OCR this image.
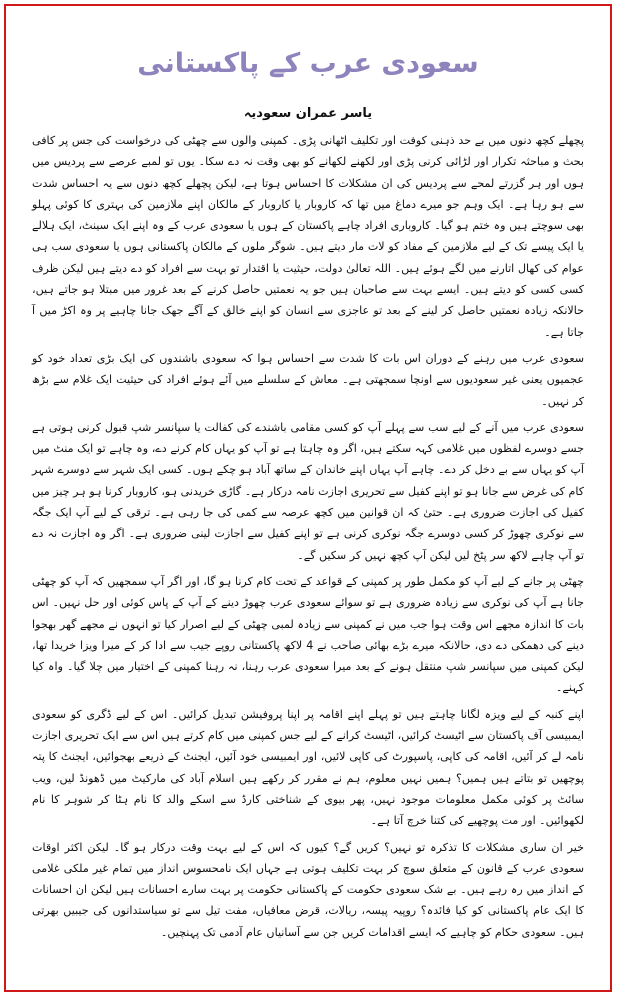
سعودی عرب کے پاکستانی
یاسر عمران سعودیہ

پچھلے کچھ دنوں میں بے حد ذہنی کوفت اور تکلیف اٹھانی پڑی۔ کمپنی والوں سے چھٹی کی درخواست کی جس پر کافی بحث و مباحثہ تکرار اور لڑائی کرنی پڑی اور لکھنے لکھانے کو بھی وقت نہ دے سکا۔ یوں تو لمبے عرصے سے پردیس میں ہوں اور ہر گزرتے لمحے سے پردیس کی ان مشکلات کا احساس ہوتا ہے، لیکن پچھلے کچھ دنوں سے یہ احساس شدت سے ہو رہا ہے۔ ایک وہم جو میرے دماغ میں تھا کہ کاروبار یا کاروبار کے مالکان اپنے ملازمین کی بہتری کا کوئی پہلو بھی سوچتے ہیں وہ ختم ہو گیا۔ کاروباری افراد چاہے پاکستان کے ہوں یا سعودی عرب کے وہ اپنے ایک سینٹ، ایک ہلالے یا ایک پیسے تک کے لیے ملازمین کے مفاد کو لات مار دیتے ہیں۔ شوگر ملوں کے مالکان پاکستانی ہوں یا سعودی سب ہی عوام کی کھال اتارنے میں لگے ہوئے ہیں۔ اللہ تعالیٰ دولت، حیثیت یا اقتدار تو بہت سے افراد کو دے دیتے ہیں لیکن ظرف کسی کسی کو دیتے ہیں۔ ایسے بہت سے صاحبان ہیں جو یہ نعمتیں حاصل کرنے کے بعد غرور میں مبتلا ہو جاتے ہیں، حالانکہ زیادہ نعمتیں حاصل کر لینے کے بعد تو عاجزی سے انسان کو اپنے خالق کے آگے جھک جانا چاہیے پر وہ اکڑ میں آ جاتا ہے۔

سعودی عرب میں رہنے کے دوران اس بات کا شدت سے احساس ہوا کہ سعودی باشندوں کی ایک بڑی تعداد خود کو عجمیوں یعنی غیر سعودیوں سے اونچا سمجھتی ہے۔ معاش کے سلسلے میں آئے ہوئے افراد کی حیثیت ایک غلام سے بڑھ کر نہیں۔

سعودی عرب میں آنے کے لیے سب سے پہلے آپ کو کسی مقامی باشندے کی کفالت یا سپانسر شپ قبول کرنی ہوتی ہے جسے دوسرے لفظوں میں غلامی کہہ سکتے ہیں، اگر وہ چاہتا ہے تو آپ کو یہاں کام کرنے دے، وہ چاہے تو ایک منٹ میں آپ کو یہاں سے بے دخل کر دے۔ چاہے آپ یہاں اپنے خاندان کے ساتھ آباد ہو چکے ہوں۔ کسی ایک شہر سے دوسرے شہر کام کی غرض سے جانا ہو تو اپنے کفیل سے تحریری اجازت نامہ درکار ہے۔ گاڑی خریدنی ہو، کاروبار کرنا ہو ہر چیز میں کفیل کی اجازت ضروری ہے۔ حتیٰ کہ ان قوانین میں کچھ عرصہ سے کمی کی جا رہی ہے۔ ترقی کے لیے آپ ایک جگہ سے نوکری چھوڑ کر کسی دوسرے جگہ نوکری کرنی ہے تو اپنے کفیل سے اجازت لینی ضروری ہے۔ اگر وہ اجازت نہ دے تو آپ چاہے لاکھ سر پٹخ لیں لیکن آپ کچھ نہیں کر سکیں گے۔

چھٹی پر جانے کے لیے آپ کو مکمل طور پر کمپنی کے قواعد کے تحت کام کرنا ہو گا، اور اگر آپ سمجھیں کہ آپ کو چھٹی جانا ہے آپ کی نوکری سے زیادہ ضروری ہے تو سوائے سعودی عرب چھوڑ دینے کے آپ کے پاس کوئی اور حل نہیں۔ اس بات کا اندازہ مجھے اس وقت ہوا جب میں نے کمپنی سے زیادہ لمبی چھٹی کے لیے اصرار کیا تو انہوں نے مجھے گھر بھجوا دینے کی دھمکی دے دی، حالانکہ میرے بڑے بھائی صاحب نے 4 لاکھ پاکستانی روپے جیب سے ادا کر کے میرا ویزا خریدا تھا، لیکن کمپنی میں سپانسر شپ منتقل ہونے کے بعد میرا سعودی عرب رہنا، نہ رہنا کمپنی کے اختیار میں چلا گیا۔ واہ کیا کہنے۔

اپنے کنبہ کے لیے ویزہ لگانا چاہتے ہیں تو پہلے اپنے اقامہ پر اپنا پروفیشن تبدیل کرائیں۔ اس کے لیے ڈگری کو سعودی ایمبیسی آف پاکستان سے اٹیسٹ کرائیں، اٹیسٹ کرانے کے لیے جس کمپنی میں کام کرتے ہیں اس سے ایک تحریری اجازت نامہ لے کر آئیں، اقامہ کی کاپی، پاسپورٹ کی کاپی لائیں، اور ایمبیسی خود آئیں، ایجنٹ کے ذریعے بھجوائیں، ایجنٹ کا پتہ پوچھیں تو بتاتے ہیں ہمیں؟ ہمیں نہیں معلوم، ہم نے مقرر کر رکھے ہیں اسلام آباد کی مارکیٹ میں ڈھونڈ لیں، ویب سائٹ پر کوئی مکمل معلومات موجود نہیں، پھر بیوی کے شناختی کارڈ سے اسکے والد کا نام ہٹا کر شوہر کا نام لکھوائیں۔ اور مت پوچھیے کی کتنا خرچ آتا ہے۔

خیر ان ساری مشکلات کا تذکرہ تو نہیں؟ کریں گے؟ کیوں کہ اس کے لیے بہت وقت درکار ہو گا۔ لیکن اکثر اوقات سعودی عرب کے قانون کے متعلق سوچ کر بہت تکلیف ہوتی ہے جہاں ایک نامحسوس انداز میں تمام غیر ملکی غلامی کے انداز میں رہ رہے ہیں۔ بے شک سعودی حکومت کے پاکستانی حکومت پر بہت سارے احسانات ہیں لیکن ان احسانات کا ایک عام پاکستانی کو کیا فائدہ؟ روپیہ پیسہ، ریالات، قرض معافیاں، مفت تیل سے تو سیاستدانوں کی جیبیں بھرتی ہیں۔ سعودی حکام کو چاہیے کہ ایسے اقدامات کریں جن سے آسانیاں عام آدمی تک پہنچیں۔
